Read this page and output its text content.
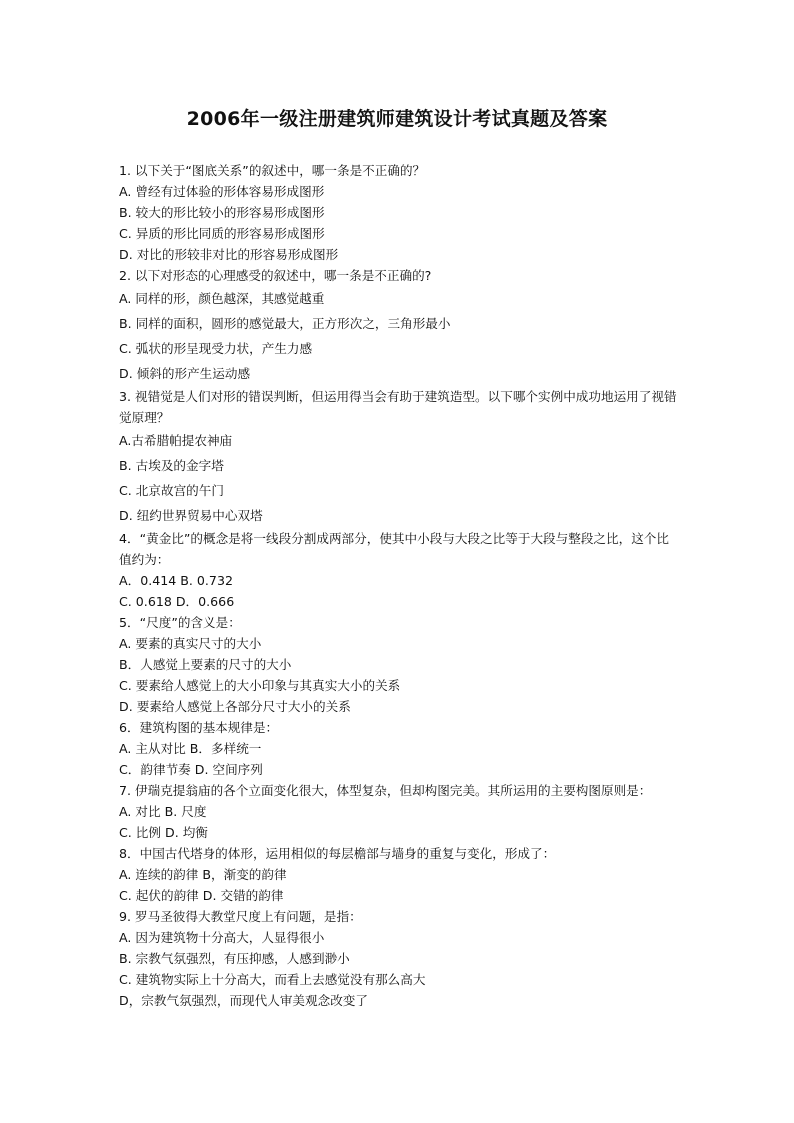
2006年一级注册建筑师建筑设计考试真题及答案
1. 以下关于“图底关系”的叙述中，哪一条是不正确的？
A. 曾经有过体验的形体容易形成图形
B. 较大的形比较小的形容易形成图形
C. 异质的形比同质的形容易形成图形
D. 对比的形较非对比的形容易形成图形
2. 以下对形态的心理感受的叙述中，哪一条是不正确的?
A. 同样的形，颜色越深，其感觉越重
B. 同样的面积，圆形的感觉最大，正方形次之，三角形最小
C. 弧状的形呈现受力状，产生力感
D. 倾斜的形产生运动感
3. 视错觉是人们对形的错误判断，但运用得当会有助于建筑造型。以下哪个实例中成功地运用了视错觉原理？
A.古希腊帕提农神庙
B. 古埃及的金字塔
C. 北京故宫的午门
D. 纽约世界贸易中心双塔
4．“黄金比”的概念是将一线段分割成两部分，使其中小段与大段之比等于大段与整段之比，这个比值约为：
A．0.414 B. 0.732
C. 0.618 D．0.666
5．“尺度”的含义是：
A. 要素的真实尺寸的大小
B．人感觉上要素的尺寸的大小
C. 要素给人感觉上的大小印象与其真实大小的关系
D. 要素给人感觉上各部分尺寸大小的关系
6．建筑构图的基本规律是：
A. 主从对比 B．多样统一
C．韵律节奏 D. 空间序列
7. 伊瑞克提翁庙的各个立面变化很大，体型复杂，但却构图完美。其所运用的主要构图原则是：
A. 对比 B. 尺度
C. 比例 D. 均衡
8．中国古代塔身的体形，运用相似的每层檐部与墙身的重复与变化，形成了：
A. 连续的韵律 B，渐变的韵律
C. 起伏的韵律 D. 交错的韵律
9. 罗马圣彼得大教堂尺度上有问题，是指：
A. 因为建筑物十分高大，人显得很小
B. 宗教气氛强烈，有压抑感，人感到渺小
C. 建筑物实际上十分高大，而看上去感觉没有那么高大
D，宗教气氛强烈，而现代人审美观念改变了
